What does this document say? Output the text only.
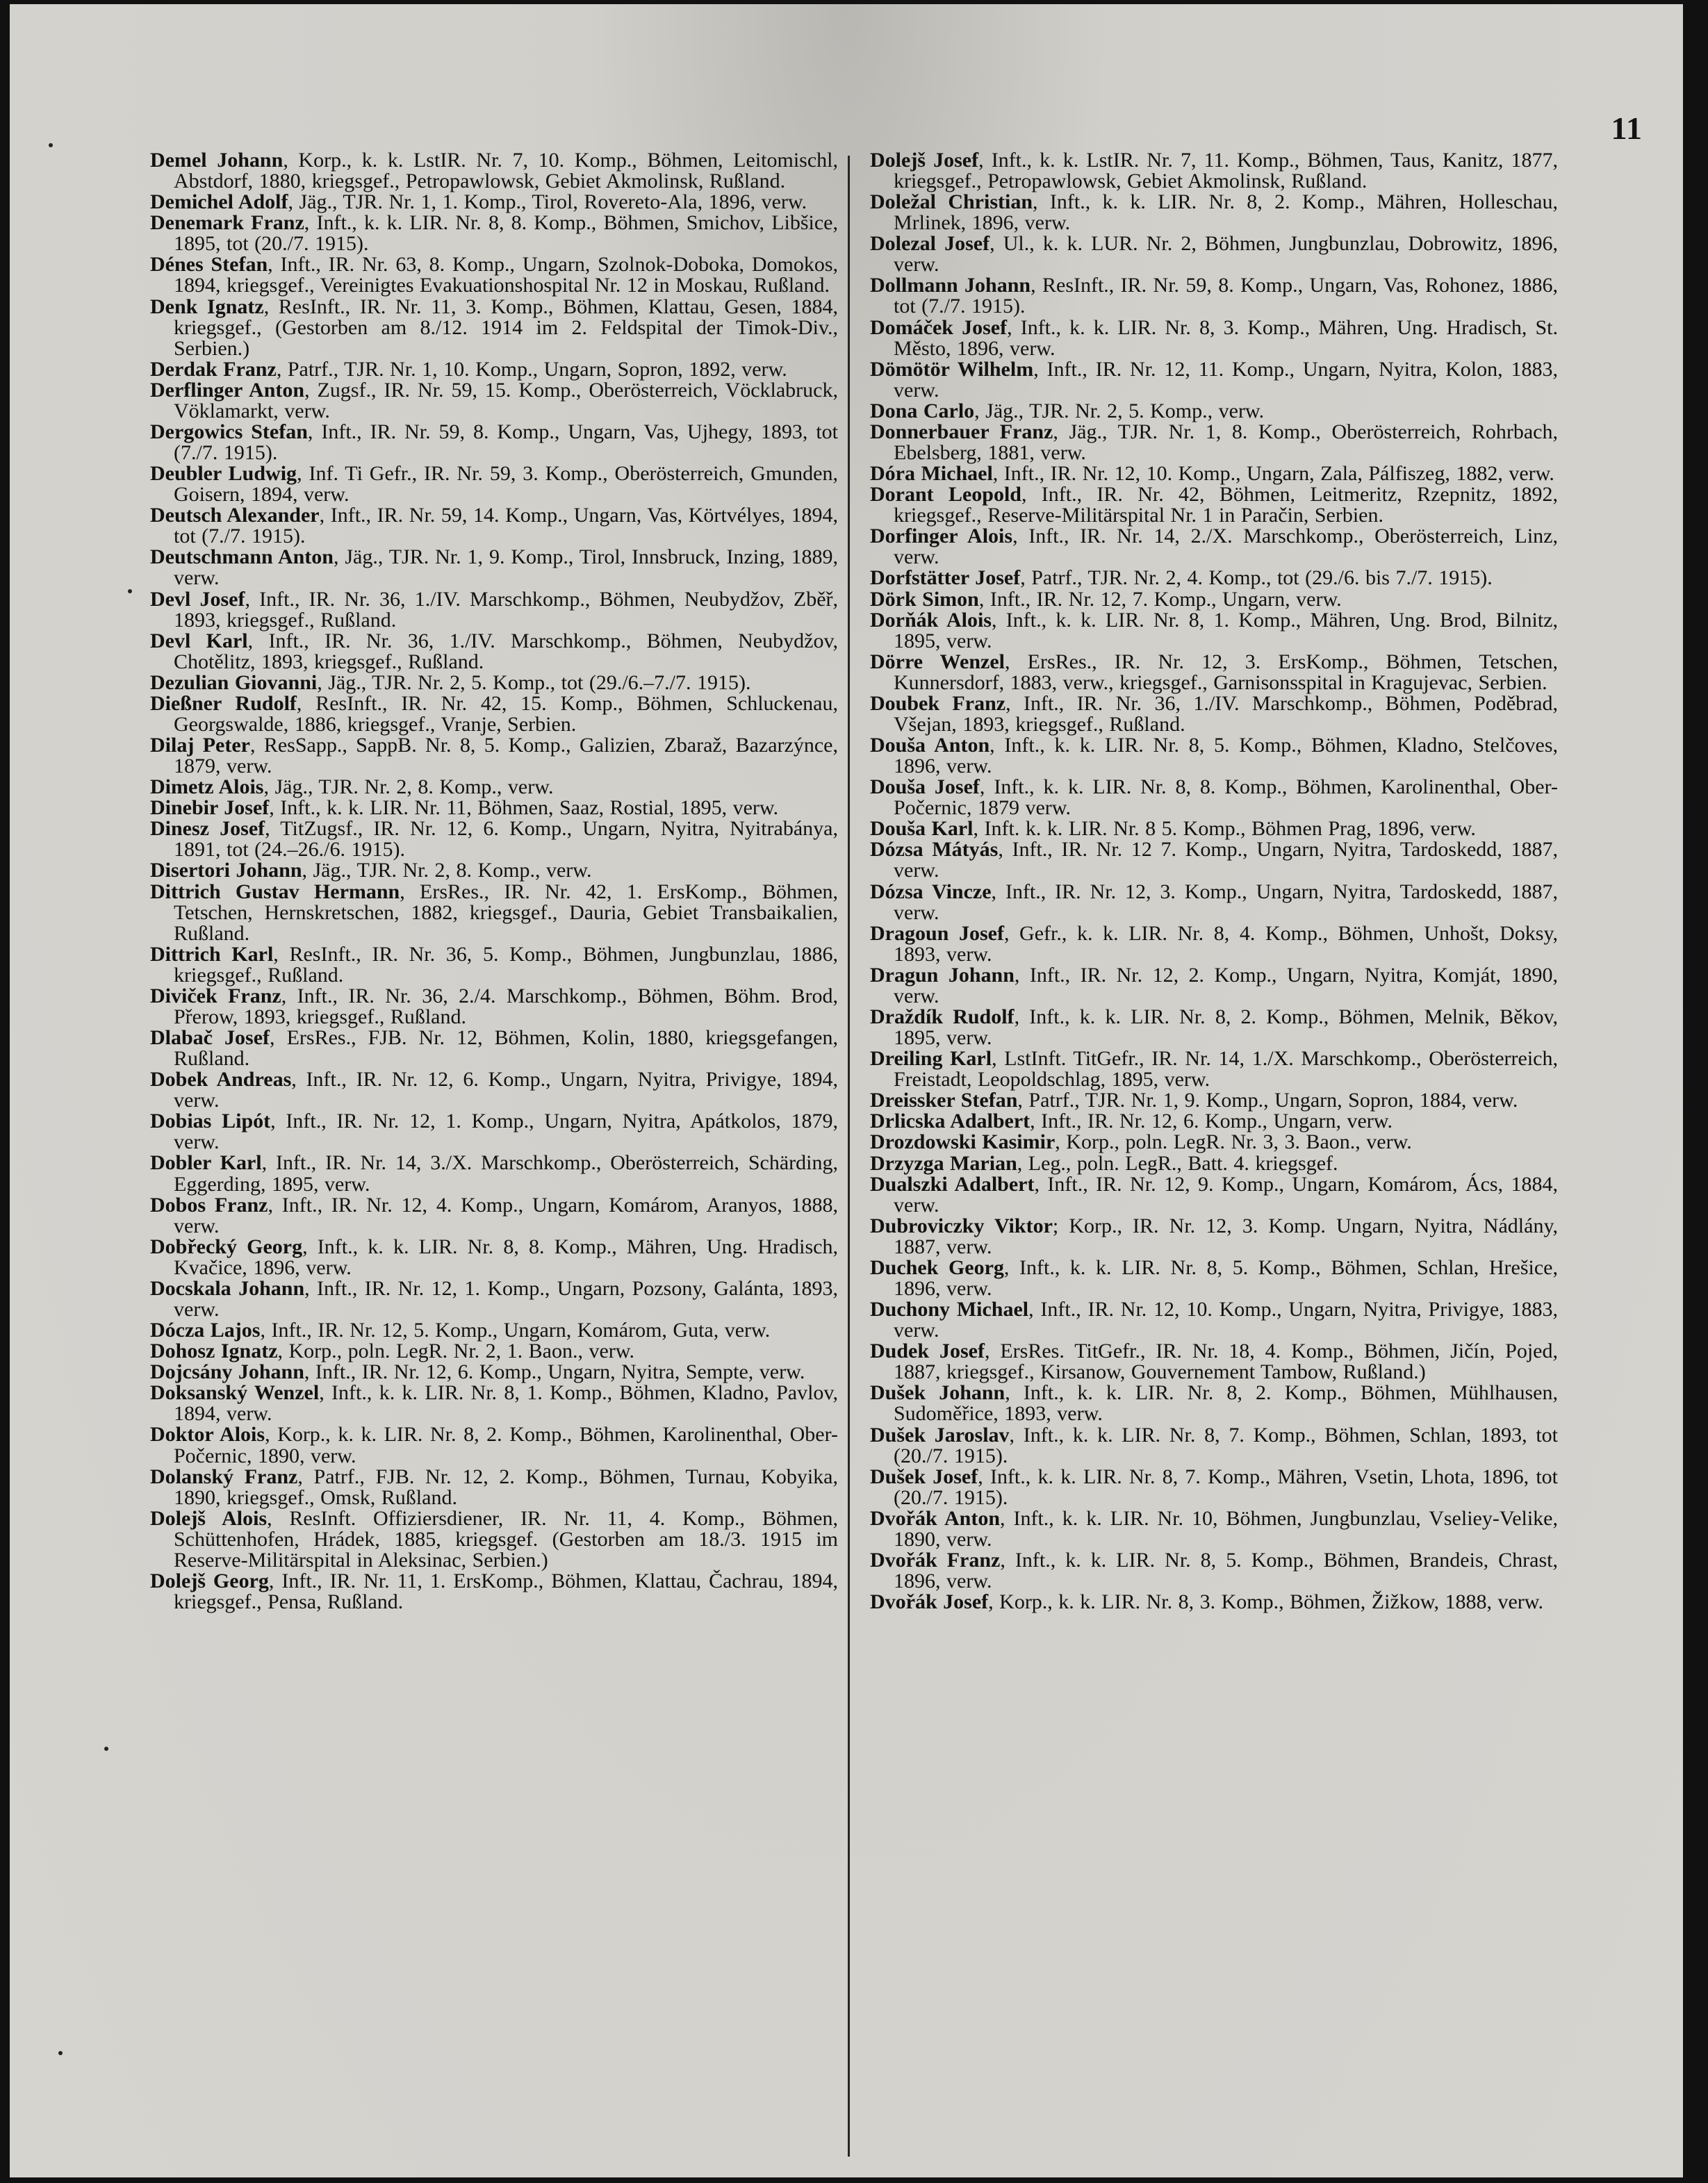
11

Demel Johann, Korp., k. k. LstIR. Nr. 7, 10. Komp., Böhmen, Leitomischl, Abstdorf, 1880, kriegsgef., Petropawlowsk, Gebiet Akmolinsk, Rußland.

Demichel Adolf, Jäg., TJR. Nr. 1, 1. Komp., Tirol, Rovereto-Ala, 1896, verw.

Denemark Franz, Inft., k. k. LIR. Nr. 8, 8. Komp., Böhmen, Smichov, Libšice, 1895, tot (20./7. 1915).

Dénes Stefan, Inft., IR. Nr. 63, 8. Komp., Ungarn, Szolnok-Doboka, Domokos, 1894, kriegsgef., Vereinigtes Evakuationshospital Nr. 12 in Moskau, Rußland.

Denk Ignatz, ResInft., IR. Nr. 11, 3. Komp., Böhmen, Klattau, Gesen, 1884, kriegsgef., (Gestorben am 8./12. 1914 im 2. Feldspital der Timok-Div., Serbien.)

Derdak Franz, Patrf., TJR. Nr. 1, 10. Komp., Ungarn, Sopron, 1892, verw.

Derflinger Anton, Zugsf., IR. Nr. 59, 15. Komp., Oberösterreich, Vöcklabruck, Vöklamarkt, verw.

Dergowics Stefan, Inft., IR. Nr. 59, 8. Komp., Ungarn, Vas, Ujhegy, 1893, tot (7./7. 1915).

Deubler Ludwig, Inf. Ti Gefr., IR. Nr. 59, 3. Komp., Oberösterreich, Gmunden, Goisern, 1894, verw.

Deutsch Alexander, Inft., IR. Nr. 59, 14. Komp., Ungarn, Vas, Körtvélyes, 1894, tot (7./7. 1915).

Deutschmann Anton, Jäg., TJR. Nr. 1, 9. Komp., Tirol, Innsbruck, Inzing, 1889, verw.

Devl Josef, Inft., IR. Nr. 36, 1./IV. Marschkomp., Böhmen, Neubydžov, Zběř, 1893, kriegsgef., Rußland.

Devl Karl, Inft., IR. Nr. 36, 1./IV. Marschkomp., Böhmen, Neubydžov, Chotělitz, 1893, kriegsgef., Rußland.

Dezulian Giovanni, Jäg., TJR. Nr. 2, 5. Komp., tot (29./6.–7./7. 1915).

Dießner Rudolf, ResInft., IR. Nr. 42, 15. Komp., Böhmen, Schluckenau, Georgswalde, 1886, kriegsgef., Vranje, Serbien.

Dilaj Peter, ResSapp., SappB. Nr. 8, 5. Komp., Galizien, Zbaraž, Bazarzýnce, 1879, verw.

Dimetz Alois, Jäg., TJR. Nr. 2, 8. Komp., verw.

Dinebir Josef, Inft., k. k. LIR. Nr. 11, Böhmen, Saaz, Rostial, 1895, verw.

Dinesz Josef, TitZugsf., IR. Nr. 12, 6. Komp., Ungarn, Nyitra, Nyitrabánya, 1891, tot (24.–26./6. 1915).

Disertori Johann, Jäg., TJR. Nr. 2, 8. Komp., verw.

Dittrich Gustav Hermann, ErsRes., IR. Nr. 42, 1. ErsKomp., Böhmen, Tetschen, Hernskretschen, 1882, kriegsgef., Dauria, Gebiet Transbaikalien, Rußland.

Dittrich Karl, ResInft., IR. Nr. 36, 5. Komp., Böhmen, Jungbunzlau, 1886, kriegsgef., Rußland.

Diviček Franz, Inft., IR. Nr. 36, 2./4. Marschkomp., Böhmen, Böhm. Brod, Přerow, 1893, kriegsgef., Rußland.

Dlabač Josef, ErsRes., FJB. Nr. 12, Böhmen, Kolin, 1880, kriegsgefangen, Rußland.

Dobek Andreas, Inft., IR. Nr. 12, 6. Komp., Ungarn, Nyitra, Privigye, 1894, verw.

Dobias Lipót, Inft., IR. Nr. 12, 1. Komp., Ungarn, Nyitra, Apátkolos, 1879, verw.

Dobler Karl, Inft., IR. Nr. 14, 3./X. Marschkomp., Oberösterreich, Schärding, Eggerding, 1895, verw.

Dobos Franz, Inft., IR. Nr. 12, 4. Komp., Ungarn, Komárom, Aranyos, 1888, verw.

Dobřecký Georg, Inft., k. k. LIR. Nr. 8, 8. Komp., Mähren, Ung. Hradisch, Kvačice, 1896, verw.

Docskala Johann, Inft., IR. Nr. 12, 1. Komp., Ungarn, Pozsony, Galánta, 1893, verw.

Dócza Lajos, Inft., IR. Nr. 12, 5. Komp., Ungarn, Komárom, Guta, verw.

Dohosz Ignatz, Korp., poln. LegR. Nr. 2, 1. Baon., verw.

Dojcsány Johann, Inft., IR. Nr. 12, 6. Komp., Ungarn, Nyitra, Sempte, verw.

Doksanský Wenzel, Inft., k. k. LIR. Nr. 8, 1. Komp., Böhmen, Kladno, Pavlov, 1894, verw.

Doktor Alois, Korp., k. k. LIR. Nr. 8, 2. Komp., Böhmen, Karolinenthal, Ober-Počernic, 1890, verw.

Dolanský Franz, Patrf., FJB. Nr. 12, 2. Komp., Böhmen, Turnau, Kobyika, 1890, kriegsgef., Omsk, Rußland.

Dolejš Alois, ResInft. Offiziersdiener, IR. Nr. 11, 4. Komp., Böhmen, Schüttenhofen, Hrádek, 1885, kriegsgef. (Gestorben am 18./3. 1915 im Reserve-Militärspital in Aleksinac, Serbien.)

Dolejš Georg, Inft., IR. Nr. 11, 1. ErsKomp., Böhmen, Klattau, Čachrau, 1894, kriegsgef., Pensa, Rußland.

Dolejš Josef, Inft., k. k. LstIR. Nr. 7, 11. Komp., Böhmen, Taus, Kanitz, 1877, kriegsgef., Petropawlowsk, Gebiet Akmolinsk, Rußland.

Doležal Christian, Inft., k. k. LIR. Nr. 8, 2. Komp., Mähren, Holleschau, Mrlinek, 1896, verw.

Dolezal Josef, Ul., k. k. LUR. Nr. 2, Böhmen, Jungbunzlau, Dobrowitz, 1896, verw.

Dollmann Johann, ResInft., IR. Nr. 59, 8. Komp., Ungarn, Vas, Rohonez, 1886, tot (7./7. 1915).

Domáček Josef, Inft., k. k. LIR. Nr. 8, 3. Komp., Mähren, Ung. Hradisch, St. Město, 1896, verw.

Dömötör Wilhelm, Inft., IR. Nr. 12, 11. Komp., Ungarn, Nyitra, Kolon, 1883, verw.

Dona Carlo, Jäg., TJR. Nr. 2, 5. Komp., verw.

Donnerbauer Franz, Jäg., TJR. Nr. 1, 8. Komp., Oberösterreich, Rohrbach, Ebelsberg, 1881, verw.

Dóra Michael, Inft., IR. Nr. 12, 10. Komp., Ungarn, Zala, Pálfiszeg, 1882, verw.

Dorant Leopold, Inft., IR. Nr. 42, Böhmen, Leitmeritz, Rzepnitz, 1892, kriegsgef., Reserve-Militärspital Nr. 1 in Paračin, Serbien.

Dorfinger Alois, Inft., IR. Nr. 14, 2./X. Marschkomp., Oberösterreich, Linz, verw.

Dorfstätter Josef, Patrf., TJR. Nr. 2, 4. Komp., tot (29./6. bis 7./7. 1915).

Dörk Simon, Inft., IR. Nr. 12, 7. Komp., Ungarn, verw.

Dorňák Alois, Inft., k. k. LIR. Nr. 8, 1. Komp., Mähren, Ung. Brod, Bilnitz, 1895, verw.

Dörre Wenzel, ErsRes., IR. Nr. 12, 3. ErsKomp., Böhmen, Tetschen, Kunnersdorf, 1883, verw., kriegsgef., Garnisonsspital in Kragujevac, Serbien.

Doubek Franz, Inft., IR. Nr. 36, 1./IV. Marschkomp., Böhmen, Poděbrad, Všejan, 1893, kriegsgef., Rußland.

Douša Anton, Inft., k. k. LIR. Nr. 8, 5. Komp., Böhmen, Kladno, Stelčoves, 1896, verw.

Douša Josef, Inft., k. k. LIR. Nr. 8, 8. Komp., Böhmen, Karolinenthal, Ober-Počernic, 1879 verw.

Douša Karl, Inft. k. k. LIR. Nr. 8 5. Komp., Böhmen Prag, 1896, verw.

Dózsa Mátyás, Inft., IR. Nr. 12 7. Komp., Ungarn, Nyitra, Tardoskedd, 1887, verw.

Dózsa Vincze, Inft., IR. Nr. 12, 3. Komp., Ungarn, Nyitra, Tardoskedd, 1887, verw.

Dragoun Josef, Gefr., k. k. LIR. Nr. 8, 4. Komp., Böhmen, Unhošt, Doksy, 1893, verw.

Dragun Johann, Inft., IR. Nr. 12, 2. Komp., Ungarn, Nyitra, Komját, 1890, verw.

Draždík Rudolf, Inft., k. k. LIR. Nr. 8, 2. Komp., Böhmen, Melnik, Běkov, 1895, verw.

Dreiling Karl, LstInft. TitGefr., IR. Nr. 14, 1./X. Marschkomp., Oberösterreich, Freistadt, Leopoldschlag, 1895, verw.

Dreissker Stefan, Patrf., TJR. Nr. 1, 9. Komp., Ungarn, Sopron, 1884, verw.

Drlicska Adalbert, Inft., IR. Nr. 12, 6. Komp., Ungarn, verw.

Drozdowski Kasimir, Korp., poln. LegR. Nr. 3, 3. Baon., verw.

Drzyzga Marian, Leg., poln. LegR., Batt. 4. kriegsgef.

Dualszki Adalbert, Inft., IR. Nr. 12, 9. Komp., Ungarn, Komárom, Ács, 1884, verw.

Dubroviczky Viktor; Korp., IR. Nr. 12, 3. Komp. Ungarn, Nyitra, Nádlány, 1887, verw.

Duchek Georg, Inft., k. k. LIR. Nr. 8, 5. Komp., Böhmen, Schlan, Hrešice, 1896, verw.

Duchony Michael, Inft., IR. Nr. 12, 10. Komp., Ungarn, Nyitra, Privigye, 1883, verw.

Dudek Josef, ErsRes. TitGefr., IR. Nr. 18, 4. Komp., Böhmen, Jičín, Pojed, 1887, kriegsgef., Kirsanow, Gouvernement Tambow, Rußland.)

Dušek Johann, Inft., k. k. LIR. Nr. 8, 2. Komp., Böhmen, Mühlhausen, Sudoměřice, 1893, verw.

Dušek Jaroslav, Inft., k. k. LIR. Nr. 8, 7. Komp., Böhmen, Schlan, 1893, tot (20./7. 1915).

Dušek Josef, Inft., k. k. LIR. Nr. 8, 7. Komp., Mähren, Vsetin, Lhota, 1896, tot (20./7. 1915).

Dvořák Anton, Inft., k. k. LIR. Nr. 10, Böhmen, Jungbunzlau, Vseliey-Velike, 1890, verw.

Dvořák Franz, Inft., k. k. LIR. Nr. 8, 5. Komp., Böhmen, Brandeis, Chrast, 1896, verw.

Dvořák Josef, Korp., k. k. LIR. Nr. 8, 3. Komp., Böhmen, Žižkow, 1888, verw.
